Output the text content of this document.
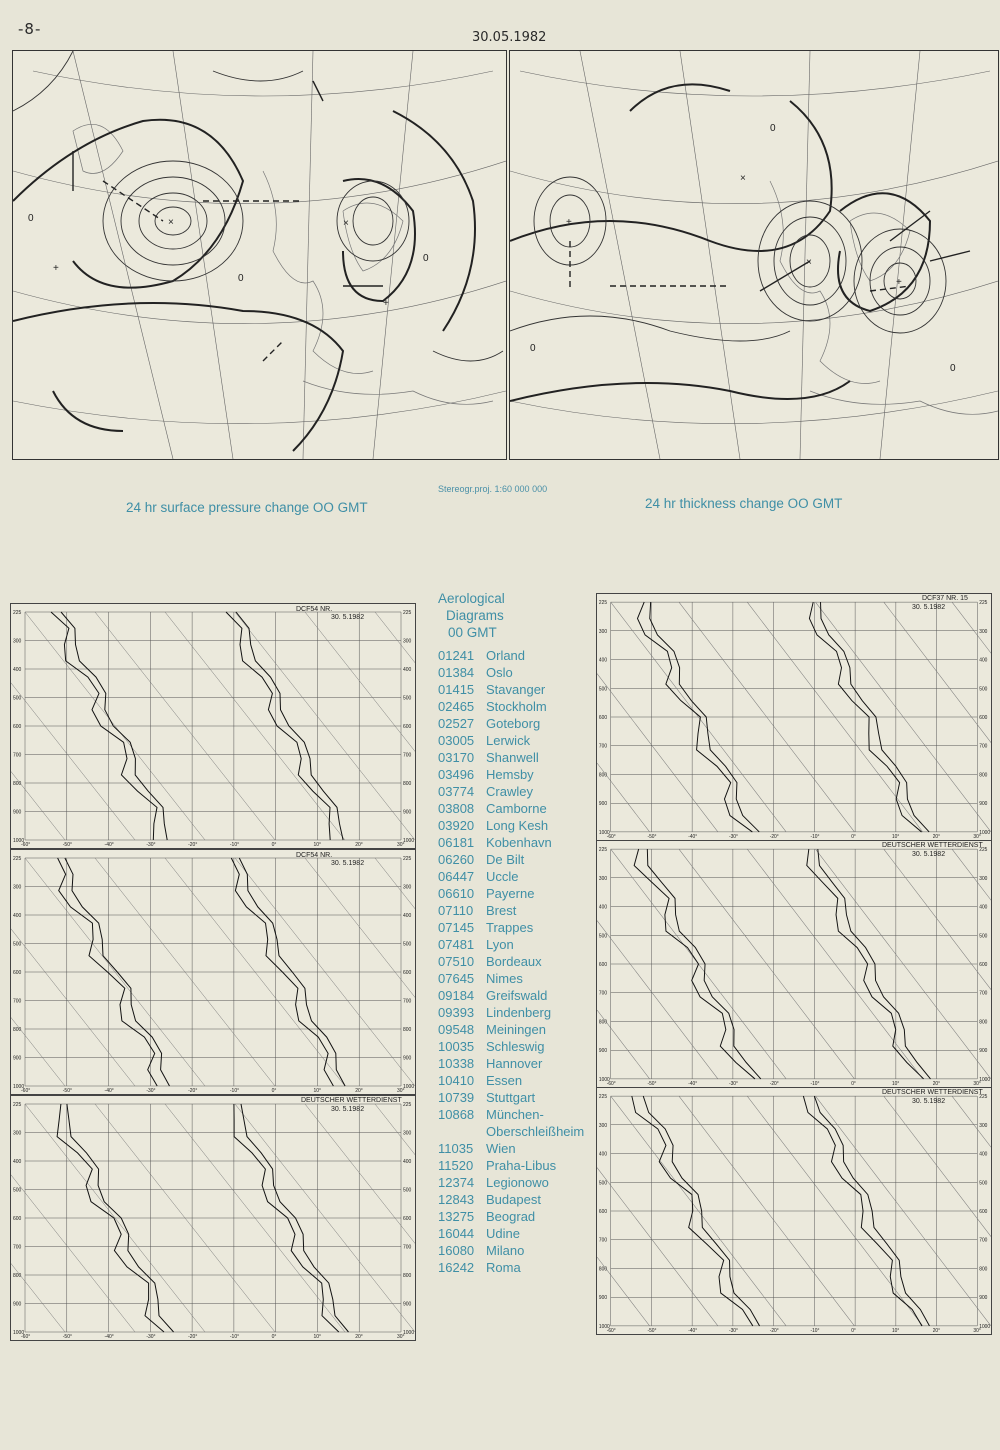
-8-	30.05.1982
×
+
+
×
0
0
0
+
×
+
×
0
0
0
24 hr surface pressure change OO GMT
Stereogr.proj. 1:60 000 000
24 hr thickness change OO GMT
Aerological
Diagrams
00 GMT
01241 Orland
01384 Oslo
01415 Stavanger
02465 Stockholm
02527 Goteborg
03005 Lerwick
03170 Shanwell
03496 Hemsby
03774 Crawley
03808 Camborne
03920 Long Kesh
06181 Kobenhavn
06260 De Bilt
06447 Uccle
06610 Payerne
07110 Brest
07145 Trappes
07481 Lyon
07510 Bordeaux
07645 Nimes
09184 Greifswald
09393 Lindenberg
09548 Meiningen
10035 Schleswig
10338 Hannover
10410 Essen
10739 Stuttgart
10868 München-
Oberschleißheim
11035 Wien
11520 Praha-Libus
12374 Legionowo
12843 Budapest
13275 Beograd
16044 Udine
16080 Milano
16242 Roma
225	225
300	300
400	400
500	500
600	600
700	700
800	800
900	900
1000	1000
-60°	-50°	-40°	-30°	-20°	-10°	0°	10°	20°	30°
DCF54 NR.
30. 5.1982
225	225
300	300
400	400
500	500
600	600
700	700
800	800
900	900
1000	1000
-60°	-50°	-40°	-30°	-20°	-10°	0°	10°	20°	30°
DCF54 NR.
30. 5.1982
225	225
300	300
400	400
500	500
600	600
700	700
800	800
900	900
1000	1000
-60°	-50°	-40°	-30°	-20°	-10°	0°	10°	20°	30°
DEUTSCHER WETTERDIENST
30. 5.1982
225	225
300	300
400	400
500	500
600	600
700	700
800	800
900	900
1000	1000
-60°	-50°	-40°	-30°	-20°	-10°	0°	10°	20°	30°
DCF37 NR. 15
30. 5.1982
225	225
300	300
400	400
500	500
600	600
700	700
800	800
900	900
1000	1000
-60°	-50°	-40°	-30°	-20°	-10°	0°	10°	20°	30°
DEUTSCHER WETTERDIENST
30. 5.1982
225	225
300	300
400	400
500	500
600	600
700	700
800	800
900	900
1000	1000
-60°	-50°	-40°	-30°	-20°	-10°	0°	10°	20°	30°
DEUTSCHER WETTERDIENST
30. 5.1982
